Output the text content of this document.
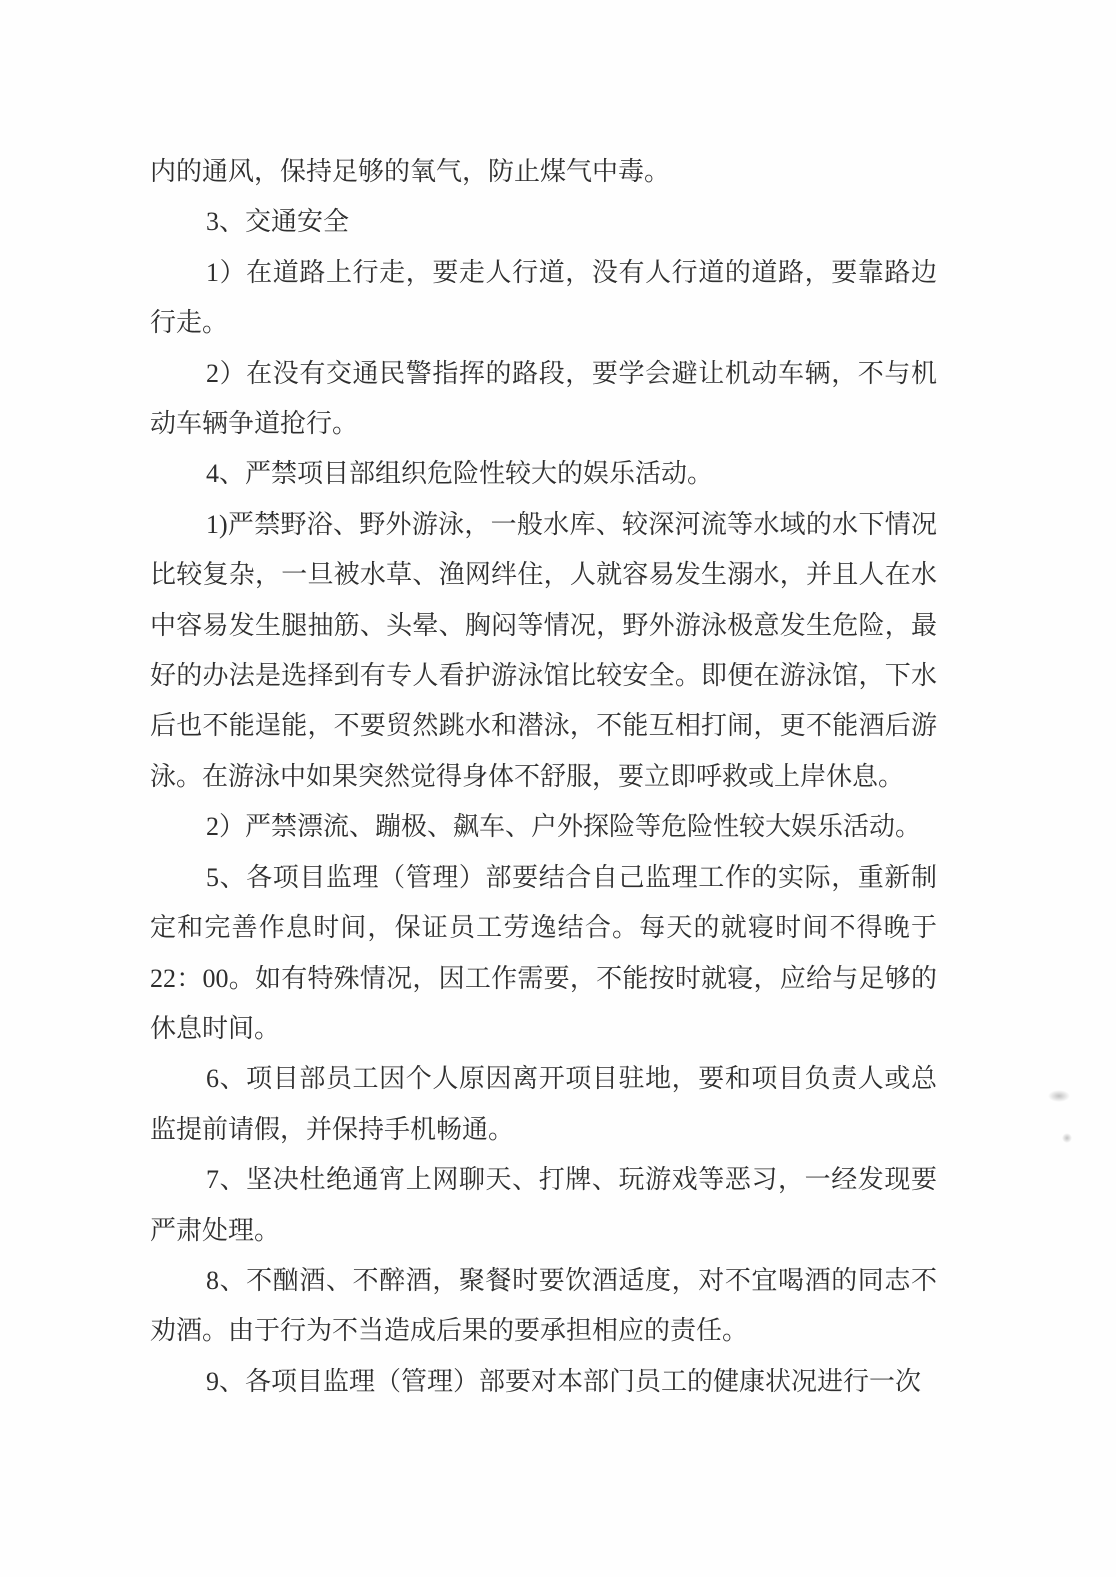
内的通风，保持足够的氧气，防止煤气中毒。

3、交通安全

1）在道路上行走，要走人行道，没有人行道的道路，要靠路边行走。

2）在没有交通民警指挥的路段，要学会避让机动车辆，不与机动车辆争道抢行。

4、严禁项目部组织危险性较大的娱乐活动。

1)严禁野浴、野外游泳，一般水库、较深河流等水域的水下情况比较复杂，一旦被水草、渔网绊住，人就容易发生溺水，并且人在水中容易发生腿抽筋、头晕、胸闷等情况，野外游泳极意发生危险，最好的办法是选择到有专人看护游泳馆比较安全。即便在游泳馆，下水后也不能逞能，不要贸然跳水和潜泳，不能互相打闹，更不能酒后游泳。在游泳中如果突然觉得身体不舒服，要立即呼救或上岸休息。

2）严禁漂流、蹦极、飙车、户外探险等危险性较大娱乐活动。

5、各项目监理（管理）部要结合自己监理工作的实际，重新制定和完善作息时间，保证员工劳逸结合。每天的就寝时间不得晚于22：00。如有特殊情况，因工作需要，不能按时就寝，应给与足够的休息时间。

6、项目部员工因个人原因离开项目驻地，要和项目负责人或总监提前请假，并保持手机畅通。

7、坚决杜绝通宵上网聊天、打牌、玩游戏等恶习，一经发现要严肃处理。

8、不酗酒、不醉酒，聚餐时要饮酒适度，对不宜喝酒的同志不劝酒。由于行为不当造成后果的要承担相应的责任。

9、各项目监理（管理）部要对本部门员工的健康状况进行一次
